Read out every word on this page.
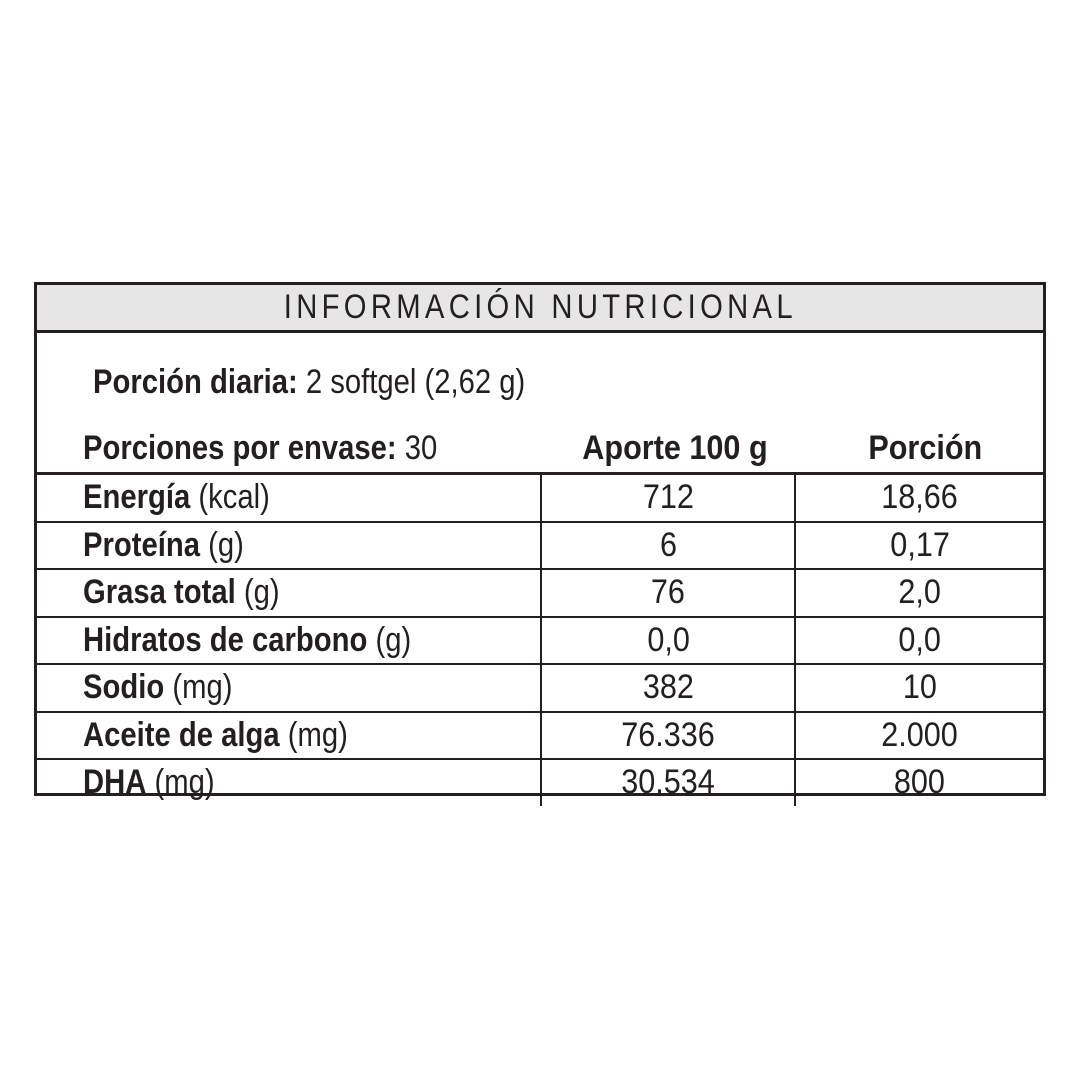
INFORMACIÓN NUTRICIONAL
Porción diaria: 2 softgel (2,62 g)
Porciones por envase: 30	Aporte 100 g	Porción
Energía (kcal)	712	18,66
Proteína (g)	6	0,17
Grasa total (g)	76	2,0
Hidratos de carbono (g)	0,0	0,0
Sodio (mg)	382	10
Aceite de alga (mg)	76.336	2.000
DHA (mg)	30.534	800
